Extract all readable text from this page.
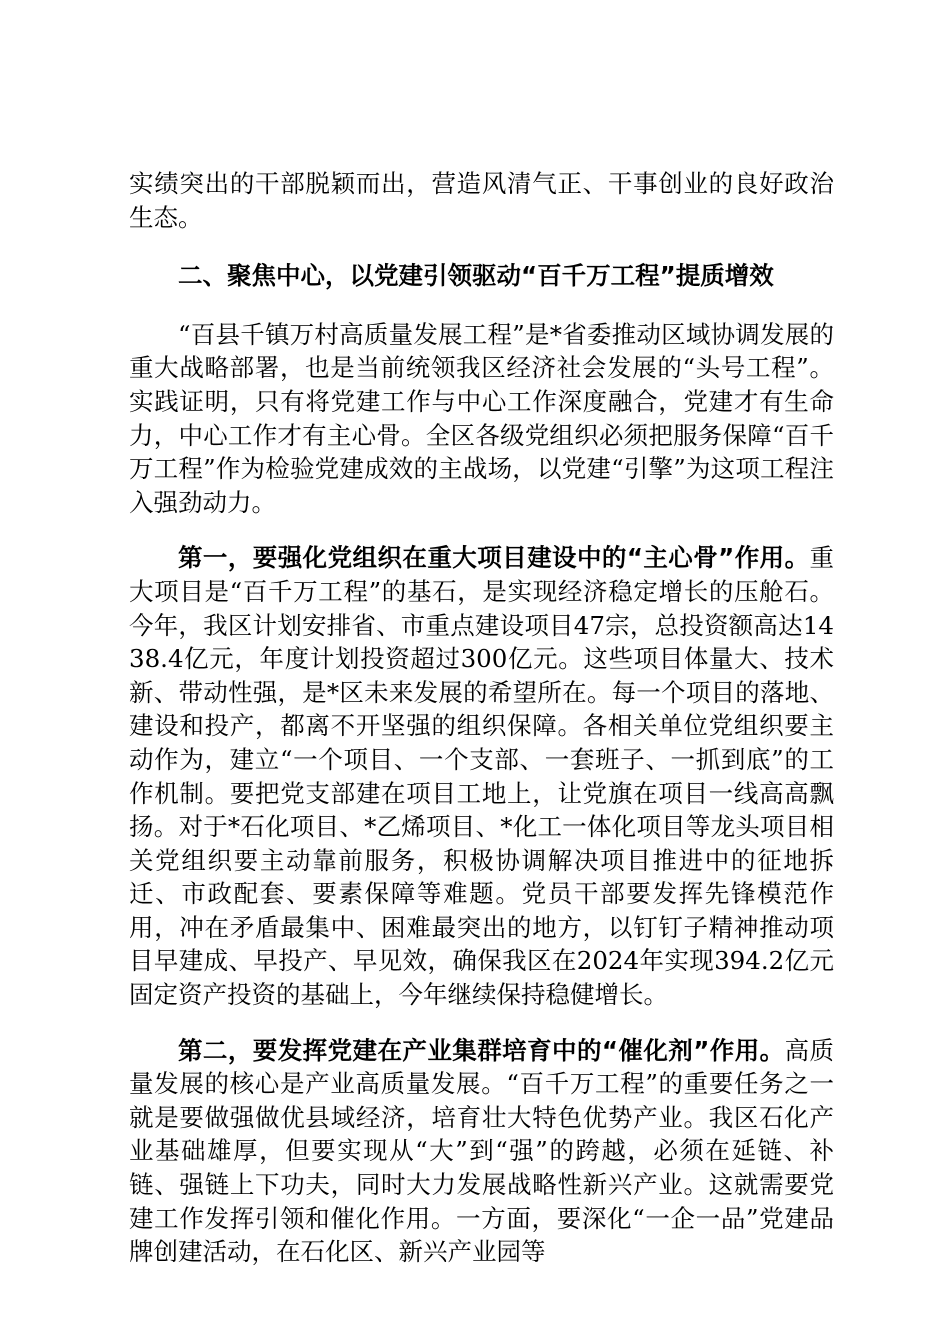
实绩突出的干部脱颖而出，营造风清气正、干事创业的良好政治生态。

二、聚焦中心，以党建引领驱动“百千万工程”提质增效

“百县千镇万村高质量发展工程”是*省委推动区域协调发展的重大战略部署，也是当前统领我区经济社会发展的“头号工程”。实践证明，只有将党建工作与中心工作深度融合，党建才有生命力，中心工作才有主心骨。全区各级党组织必须把服务保障“百千万工程”作为检验党建成效的主战场，以党建“引擎”为这项工程注入强劲动力。

第一，要强化党组织在重大项目建设中的“主心骨”作用。重大项目是“百千万工程”的基石，是实现经济稳定增长的压舱石。今年，我区计划安排省、市重点建设项目47宗，总投资额高达1438.4亿元，年度计划投资超过300亿元。这些项目体量大、技术新、带动性强，是*区未来发展的希望所在。每一个项目的落地、建设和投产，都离不开坚强的组织保障。各相关单位党组织要主动作为，建立“一个项目、一个支部、一套班子、一抓到底”的工作机制。要把党支部建在项目工地上，让党旗在项目一线高高飘扬。对于*石化项目、*乙烯项目、*化工一体化项目等龙头项目相关党组织要主动靠前服务，积极协调解决项目推进中的征地拆迁、市政配套、要素保障等难题。党员干部要发挥先锋模范作用，冲在矛盾最集中、困难最突出的地方，以钉钉子精神推动项目早建成、早投产、早见效，确保我区在2024年实现394.2亿元固定资产投资的基础上，今年继续保持稳健增长。

第二，要发挥党建在产业集群培育中的“催化剂”作用。高质量发展的核心是产业高质量发展。“百千万工程”的重要任务之一就是要做强做优县域经济，培育壮大特色优势产业。我区石化产业基础雄厚，但要实现从“大”到“强”的跨越，必须在延链、补链、强链上下功夫，同时大力发展战略性新兴产业。这就需要党建工作发挥引领和催化作用。一方面，要深化“一企一品”党建品牌创建活动，在石化区、新兴产业园等
